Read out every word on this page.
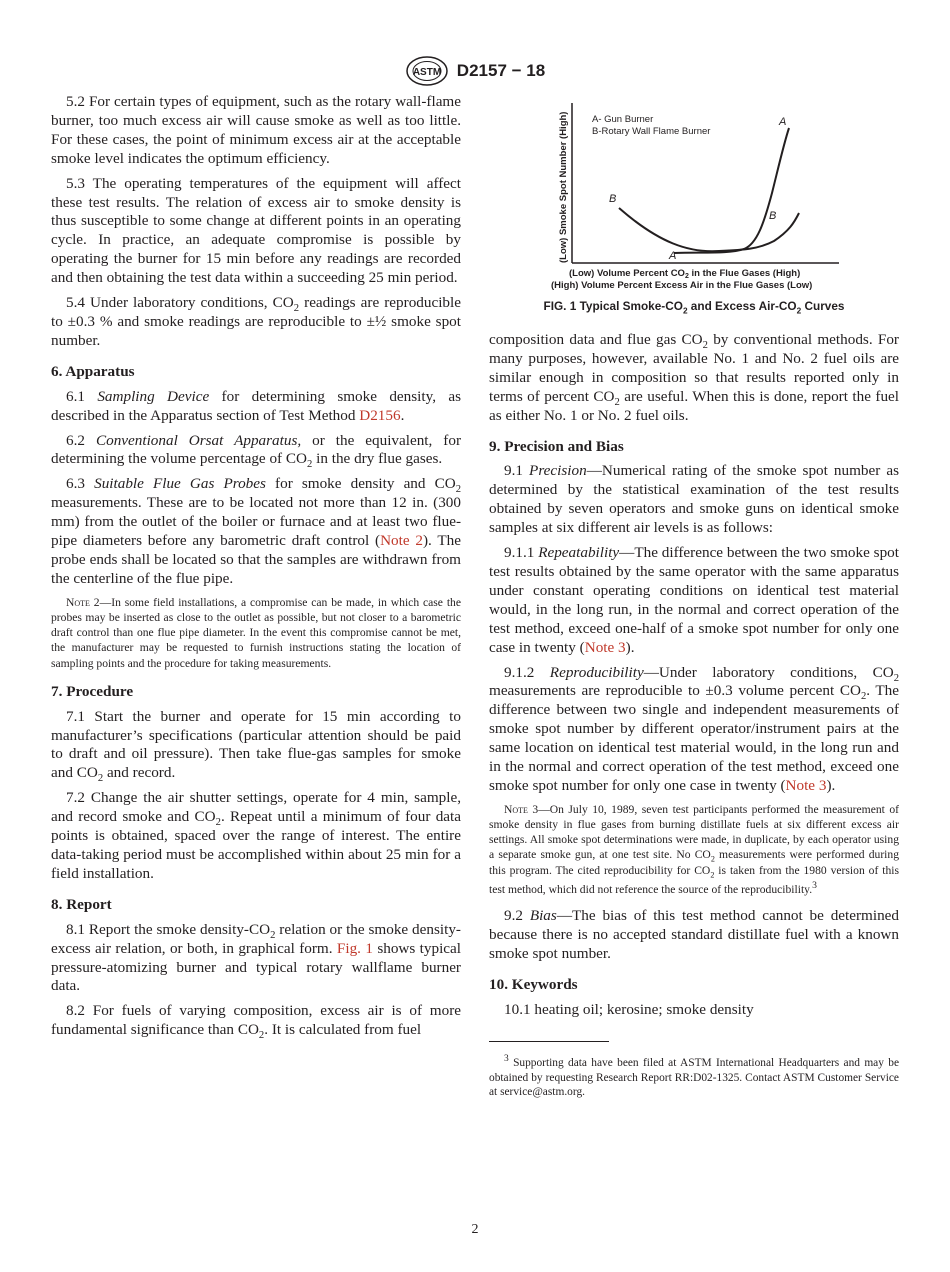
ASTM D2157 − 18

5.2 For certain types of equipment, such as the rotary wall-flame burner, too much excess air will cause smoke as well as too little. For these cases, the point of minimum excess air at the acceptable smoke level indicates the optimum efficiency.

5.3 The operating temperatures of the equipment will affect these test results. The relation of excess air to smoke density is thus susceptible to some change at different points in an operating cycle. In practice, an adequate compromise is possible by operating the burner for 15 min before any readings are recorded and then obtaining the test data within a succeeding 25 min period.

5.4 Under laboratory conditions, $CO_2$ readings are reproducible to ±0.3 % and smoke readings are reproducible to ±½ smoke spot number.

6. Apparatus

6.1 Sampling Device for determining smoke density, as described in the Apparatus section of Test Method D2156.

6.2 Conventional Orsat Apparatus, or the equivalent, for determining the volume percentage of $CO_2$ in the dry flue gases.

6.3 Suitable Flue Gas Probes for smoke density and $CO_2$ measurements. These are to be located not more than 12 in. (300 mm) from the outlet of the boiler or furnace and at least two flue-pipe diameters before any barometric draft control (Note 2). The probe ends shall be located so that the samples are withdrawn from the centerline of the flue pipe.

Note 2—In some field installations, a compromise can be made, in which case the probes may be inserted as close to the outlet as possible, but not closer to a barometric draft control than one flue pipe diameter. In the event this compromise cannot be met, the manufacturer may be requested to furnish instructions stating the location of sampling points and the procedure for taking measurements.

7. Procedure

7.1 Start the burner and operate for 15 min according to manufacturer’s specifications (particular attention should be paid to draft and oil pressure). Then take flue-gas samples for smoke and $CO_2$ and record.

7.2 Change the air shutter settings, operate for 4 min, sample, and record smoke and $CO_2$. Repeat until a minimum of four data points is obtained, spaced over the range of interest. The entire data-taking period must be accomplished within about 25 min for a field installation.

8. Report

8.1 Report the smoke density-$CO_2$ relation or the smoke density-excess air relation, or both, in graphical form. Fig. 1 shows typical pressure-atomizing burner and typical rotary wallflame burner data.

8.2 For fuels of varying composition, excess air is of more fundamental significance than $CO_2$. It is calculated from fuel

(Low) Smoke Spot Number (High) A- Gun Burner
B-Rotary Wall Flame Burner
B
B
A
A
(Low) Volume Percent $CO_2$ in the Flue Gases (High)
(High) Volume Percent Excess Air in the Flue Gases (Low)
FIG. 1 Typical Smoke-$CO_2$ and Excess Air-$CO_2$ Curves

composition data and flue gas $CO_2$ by conventional methods. For many purposes, however, available No. 1 and No. 2 fuel oils are similar enough in composition so that results reported only in terms of percent $CO_2$ are useful. When this is done, report the fuel as either No. 1 or No. 2 fuel oils.

9. Precision and Bias

9.1 Precision—Numerical rating of the smoke spot number as determined by the statistical examination of the test results obtained by seven operators and smoke guns on identical smoke samples at six different air levels is as follows:

9.1.1 Repeatability—The difference between the two smoke spot test results obtained by the same operator with the same apparatus under constant operating conditions on identical test material would, in the long run, in the normal and correct operation of the test method, exceed one-half of a smoke spot number for only one case in twenty (Note 3).

9.1.2 Reproducibility—Under laboratory conditions, $CO_2$ measurements are reproducible to ±0.3 volume percent $CO_2$. The difference between two single and independent measurements of smoke spot number by different operator/instrument pairs at the same location on identical test material would, in the long run and in the normal and correct operation of the test method, exceed one smoke spot number for only one case in twenty (Note 3).

Note 3—On July 10, 1989, seven test participants performed the measurement of smoke density in flue gases from burning distillate fuels at six different excess air settings. All smoke spot determinations were made, in duplicate, by each operator using a separate smoke gun, at one test site. No $CO_2$ measurements were performed during this program. The cited reproducibility for $CO_2$ is taken from the 1980 version of this test method, which did not reference the source of the reproducibility.$^3$

9.2 Bias—The bias of this test method cannot be determined because there is no accepted standard distillate fuel with a known smoke spot number.

10. Keywords

10.1 heating oil; kerosine; smoke density

$^3$ Supporting data have been filed at ASTM International Headquarters and may be obtained by requesting Research Report RR:D02-1325. Contact ASTM Customer Service at service@astm.org.
2
